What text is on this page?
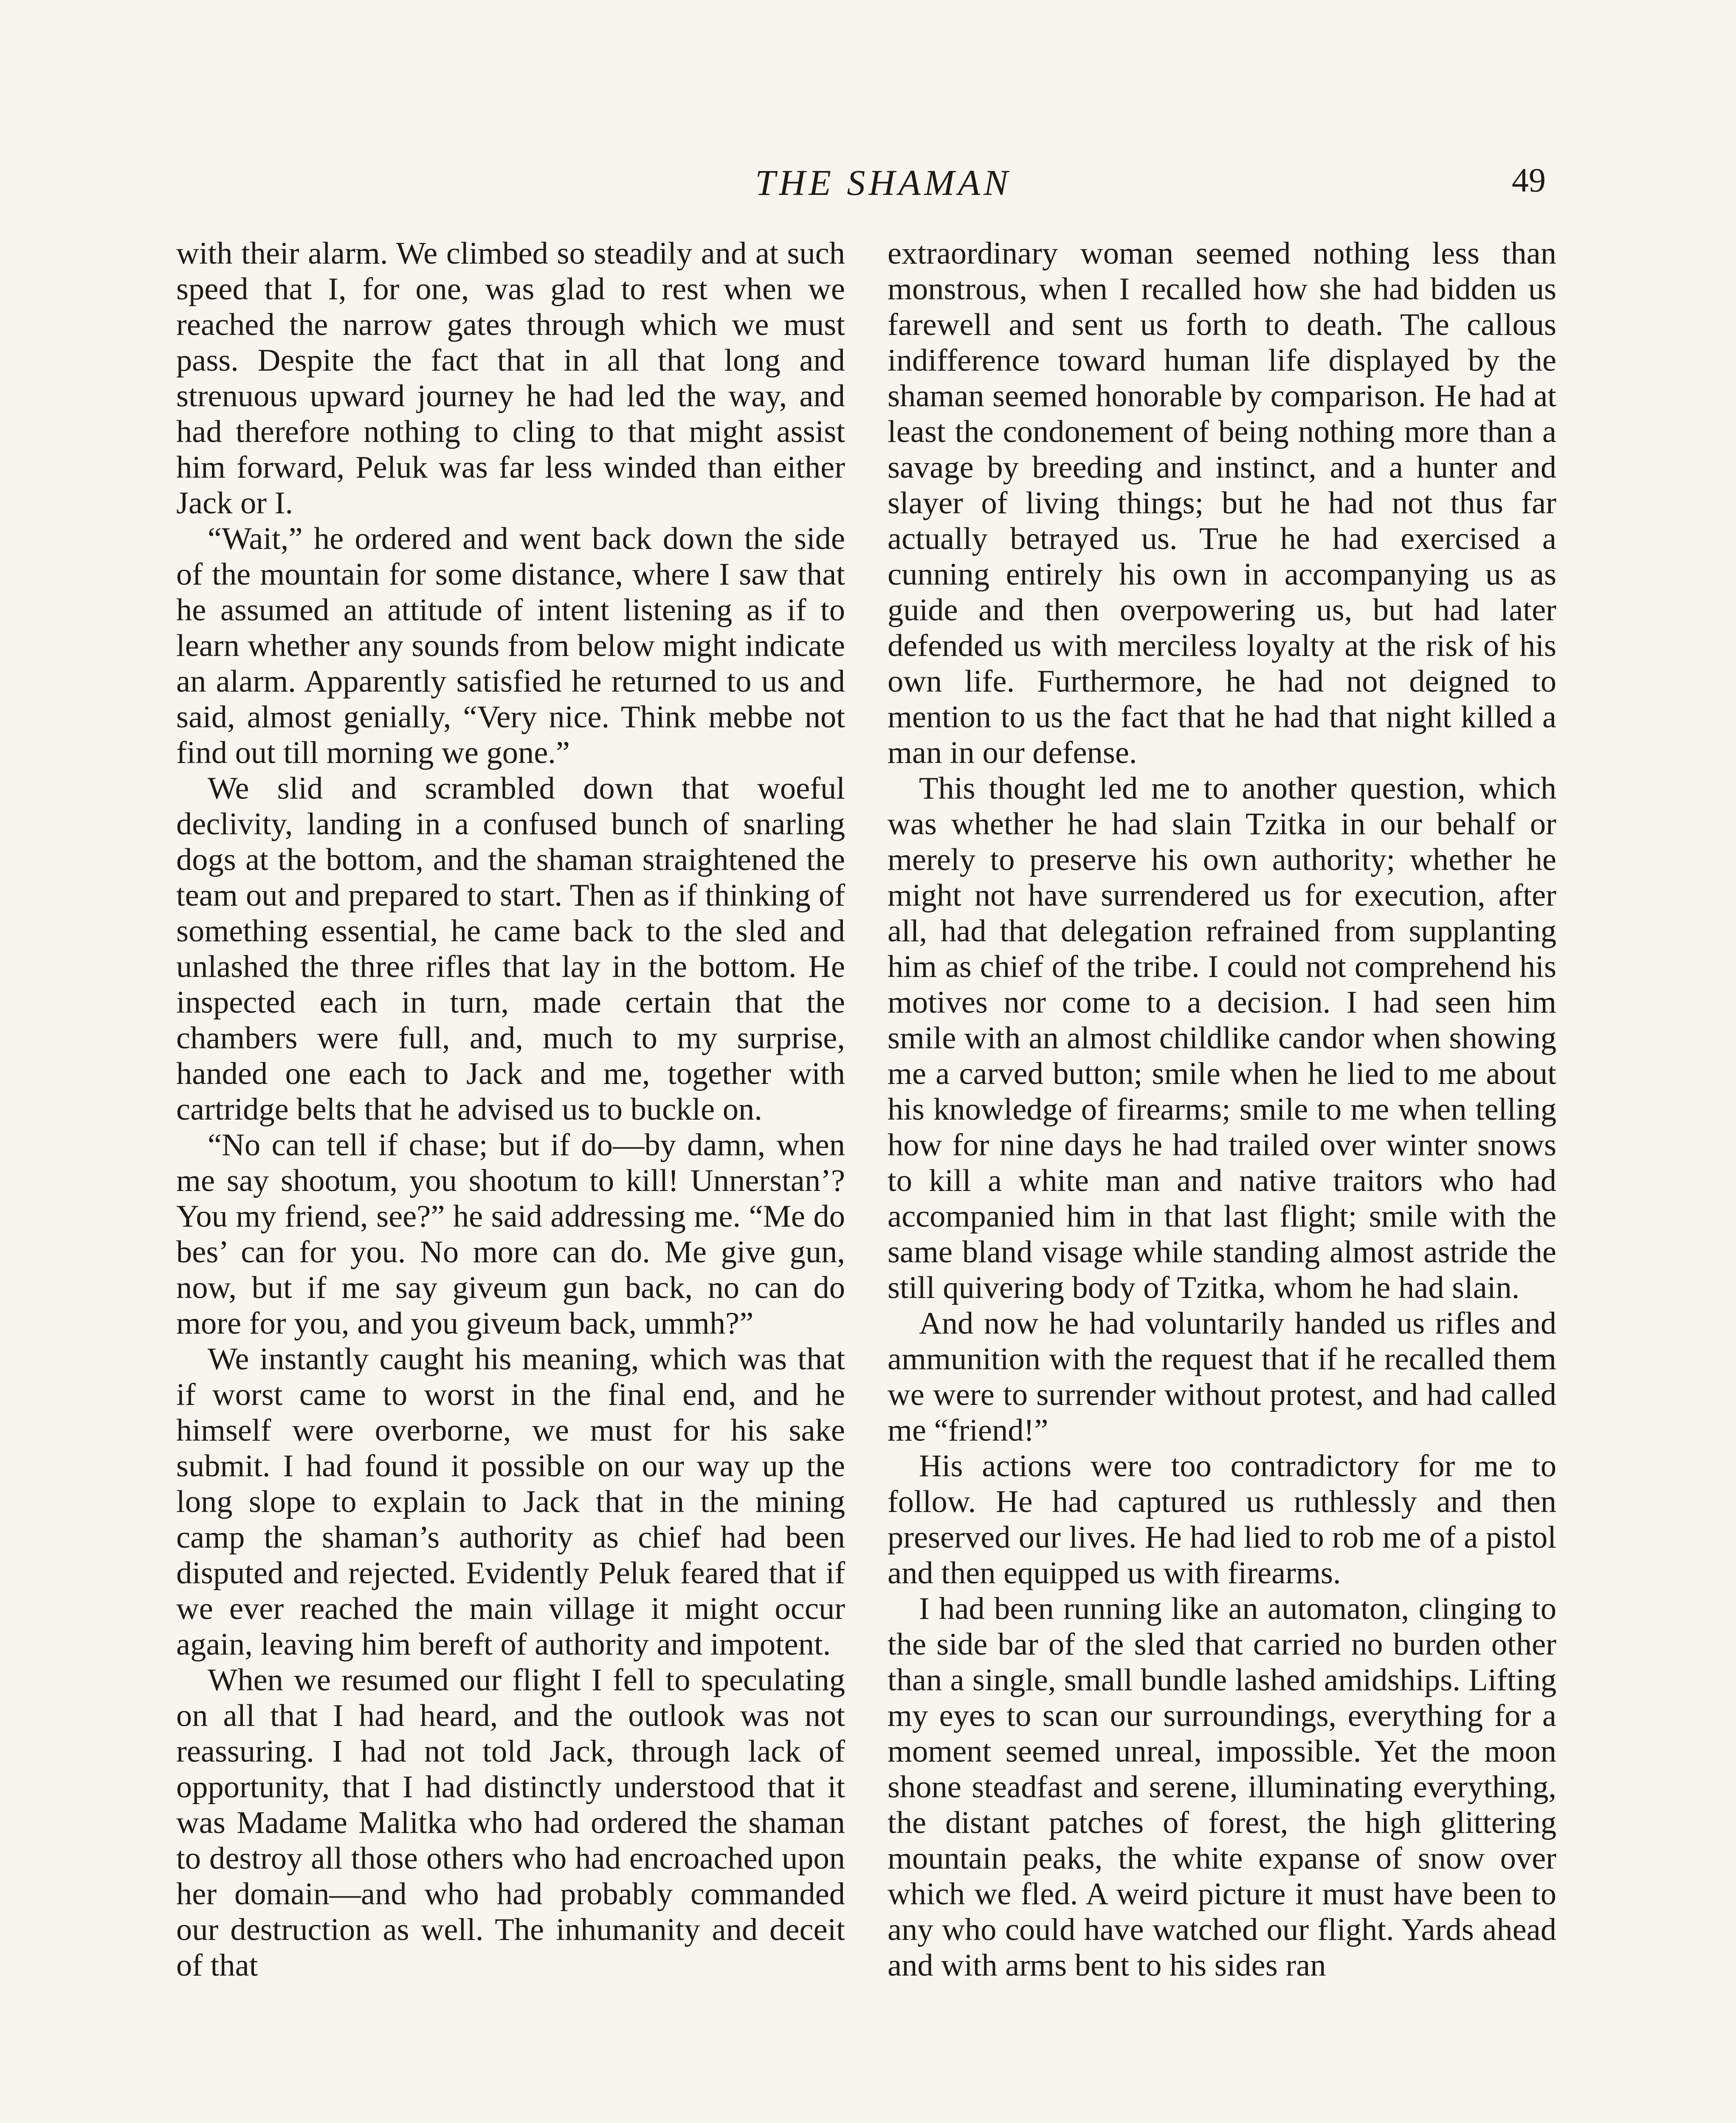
THE SHAMAN	49

with their alarm. We climbed so steadily and at such speed that I, for one, was glad to rest when we reached the narrow gates through which we must pass. Despite the fact that in all that long and strenuous upward journey he had led the way, and had therefore nothing to cling to that might assist him forward, Peluk was far less winded than either Jack or I.

“Wait,” he ordered and went back down the side of the mountain for some distance, where I saw that he assumed an attitude of intent listening as if to learn whether any sounds from below might indicate an alarm. Apparently satisfied he returned to us and said, almost genially, “Very nice. Think mebbe not find out till morning we gone.”

We slid and scrambled down that woeful declivity, landing in a confused bunch of snarling dogs at the bottom, and the shaman straightened the team out and prepared to start. Then as if thinking of something essential, he came back to the sled and unlashed the three rifles that lay in the bottom. He inspected each in turn, made certain that the chambers were full, and, much to my surprise, handed one each to Jack and me, together with cartridge belts that he advised us to buckle on.

“No can tell if chase; but if do—by damn, when me say shootum, you shootum to kill! Unnerstan’? You my friend, see?” he said addressing me. “Me do bes’ can for you. No more can do. Me give gun, now, but if me say giveum gun back, no can do more for you, and you giveum back, ummh?”

We instantly caught his meaning, which was that if worst came to worst in the final end, and he himself were overborne, we must for his sake submit. I had found it possible on our way up the long slope to explain to Jack that in the mining camp the shaman’s authority as chief had been disputed and rejected. Evidently Peluk feared that if we ever reached the main village it might occur again, leaving him bereft of authority and impotent.

When we resumed our flight I fell to speculating on all that I had heard, and the outlook was not reassuring. I had not told Jack, through lack of opportunity, that I had distinctly understood that it was Madame Malitka who had ordered the shaman to destroy all those others who had encroached upon her domain—and who had probably commanded our destruction as well. The inhumanity and deceit of that

extraordinary woman seemed nothing less than monstrous, when I recalled how she had bidden us farewell and sent us forth to death. The callous indifference toward human life displayed by the shaman seemed honorable by comparison. He had at least the condonement of being nothing more than a savage by breeding and instinct, and a hunter and slayer of living things; but he had not thus far actually betrayed us. True he had exercised a cunning entirely his own in accompanying us as guide and then overpowering us, but had later defended us with merciless loyalty at the risk of his own life. Furthermore, he had not deigned to mention to us the fact that he had that night killed a man in our defense.

This thought led me to another question, which was whether he had slain Tzitka in our behalf or merely to preserve his own authority; whether he might not have surrendered us for execution, after all, had that delegation refrained from supplanting him as chief of the tribe. I could not comprehend his motives nor come to a decision. I had seen him smile with an almost childlike candor when showing me a carved button; smile when he lied to me about his knowledge of firearms; smile to me when telling how for nine days he had trailed over winter snows to kill a white man and native traitors who had accompanied him in that last flight; smile with the same bland visage while standing almost astride the still quivering body of Tzitka, whom he had slain.

And now he had voluntarily handed us rifles and ammunition with the request that if he recalled them we were to surrender without protest, and had called me “friend!”

His actions were too contradictory for me to follow. He had captured us ruthlessly and then preserved our lives. He had lied to rob me of a pistol and then equipped us with firearms.

I had been running like an automaton, clinging to the side bar of the sled that carried no burden other than a single, small bundle lashed amidships. Lifting my eyes to scan our surroundings, everything for a moment seemed unreal, impossible. Yet the moon shone steadfast and serene, illuminating everything, the distant patches of forest, the high glittering mountain peaks, the white expanse of snow over which we fled. A weird picture it must have been to any who could have watched our flight. Yards ahead and with arms bent to his sides ran
